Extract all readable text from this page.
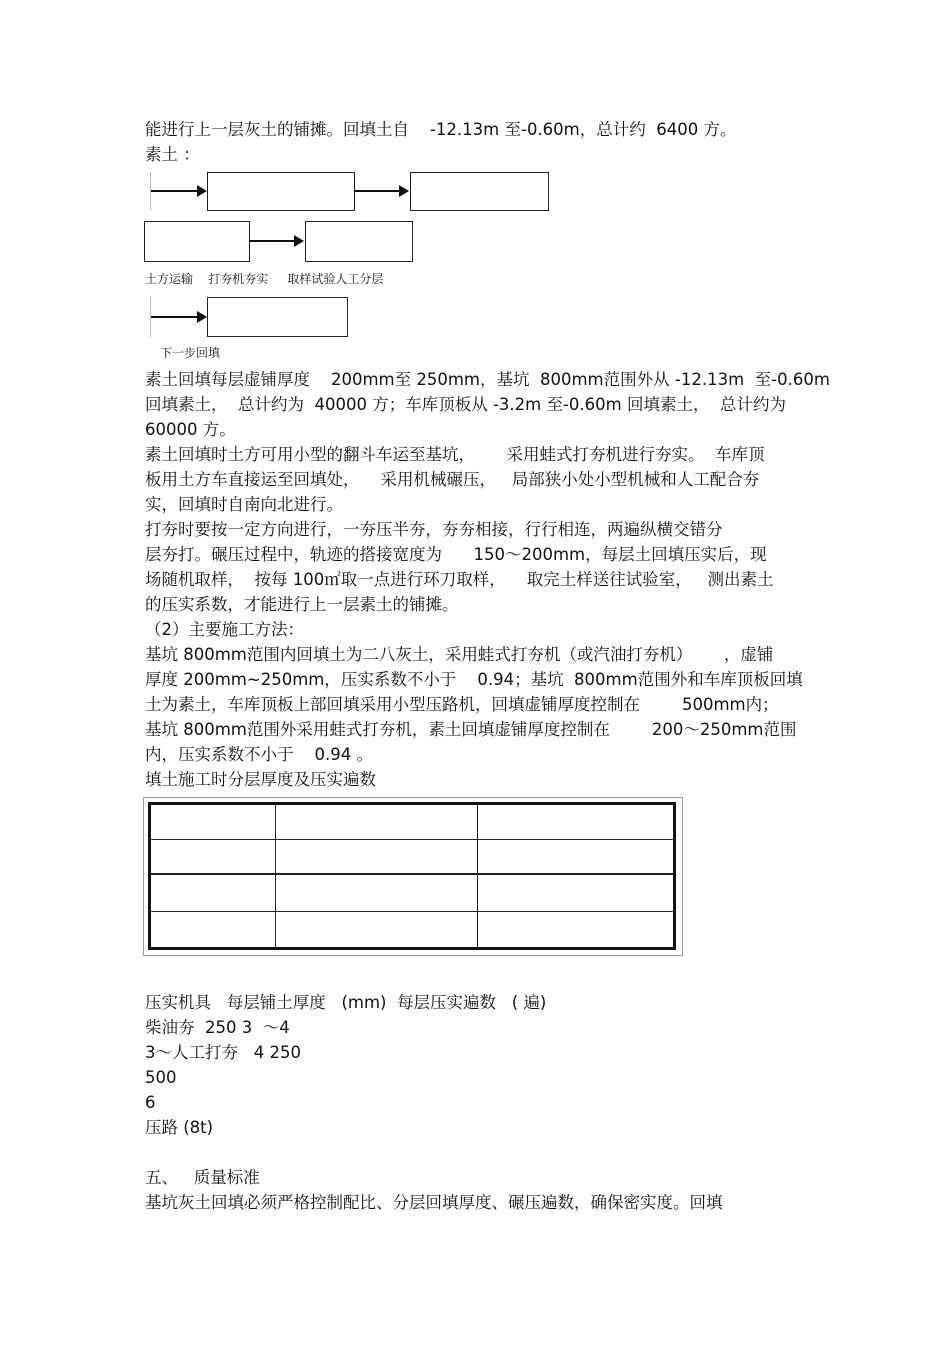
能进行上一层灰土的铺摊。回填土自    -12.13m 至-0.60m，总计约  6400 方。
素土 ：
土方运输    打夯机夯实     取样试验人工分层
下一步回填
素土回填每层虚铺厚度    200mm至 250mm，基坑  800mm范围外从 -12.13m  至-0.60m
回填素土，  总计约为  40000 方；车库顶板从 -3.2m 至-0.60m 回填素土，  总计约为
60000 方。
素土回填时土方可用小型的翻斗车运至基坑，      采用蛙式打夯机进行夯实。  车库顶
板用土方车直接运至回填处，    采用机械碾压，   局部狭小处小型机械和人工配合夯
实，回填时自南向北进行。
打夯时要按一定方向进行，一夯压半夯，夯夯相接，行行相连，两遍纵横交错分
层夯打。碾压过程中，轨迹的搭接宽度为      150～200mm，每层土回填压实后，现
场随机取样，  按每 100㎡取一点进行环刀取样，    取完土样送往试验室，   测出素土
的压实系数，才能进行上一层素土的铺摊。
（2）主要施工方法：
基坑 800mm范围内回填土为二八灰土，采用蛙式打夯机（或汽油打夯机）      ，虚铺
厚度 200mm~250mm，压实系数不小于    0.94；基坑  800mm范围外和车库顶板回填
土为素土，车库顶板上部回填采用小型压路机，回填虚铺厚度控制在        500mm内；
基坑 800mm范围外采用蛙式打夯机，素土回填虚铺厚度控制在        200～250mm范围
内，压实系数不小于    0.94 。
填土施工时分层厚度及压实遍数
压实机具   每层铺土厚度   (mm)  每层压实遍数   ( 遍)
柴油夯  250 3  ～4
3～人工打夯   4 250
500
6
压路 (8t)
五、   质量标准
基坑灰土回填必须严格控制配比、分层回填厚度、碾压遍数，确保密实度。回填
